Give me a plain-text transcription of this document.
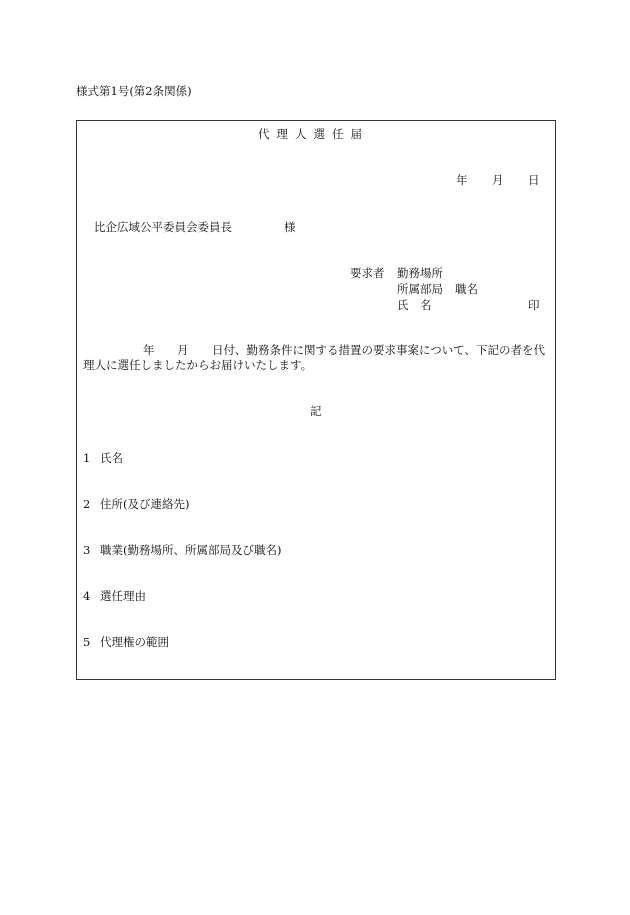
様式第1号(第2条関係)
代理人選任届
年 月 日
比企広域公平委員会委員長	様
要求者 勤務場所
所属部局 職名
氏　名	印
年 月 日付、勤務条件に関する措置の要求事案について、下記の者を代
理人に選任しましたからお届けいたします。
記
1 氏名
2 住所(及び連絡先)
3 職業(勤務場所、所属部局及び職名)
4 選任理由
5 代理権の範囲
